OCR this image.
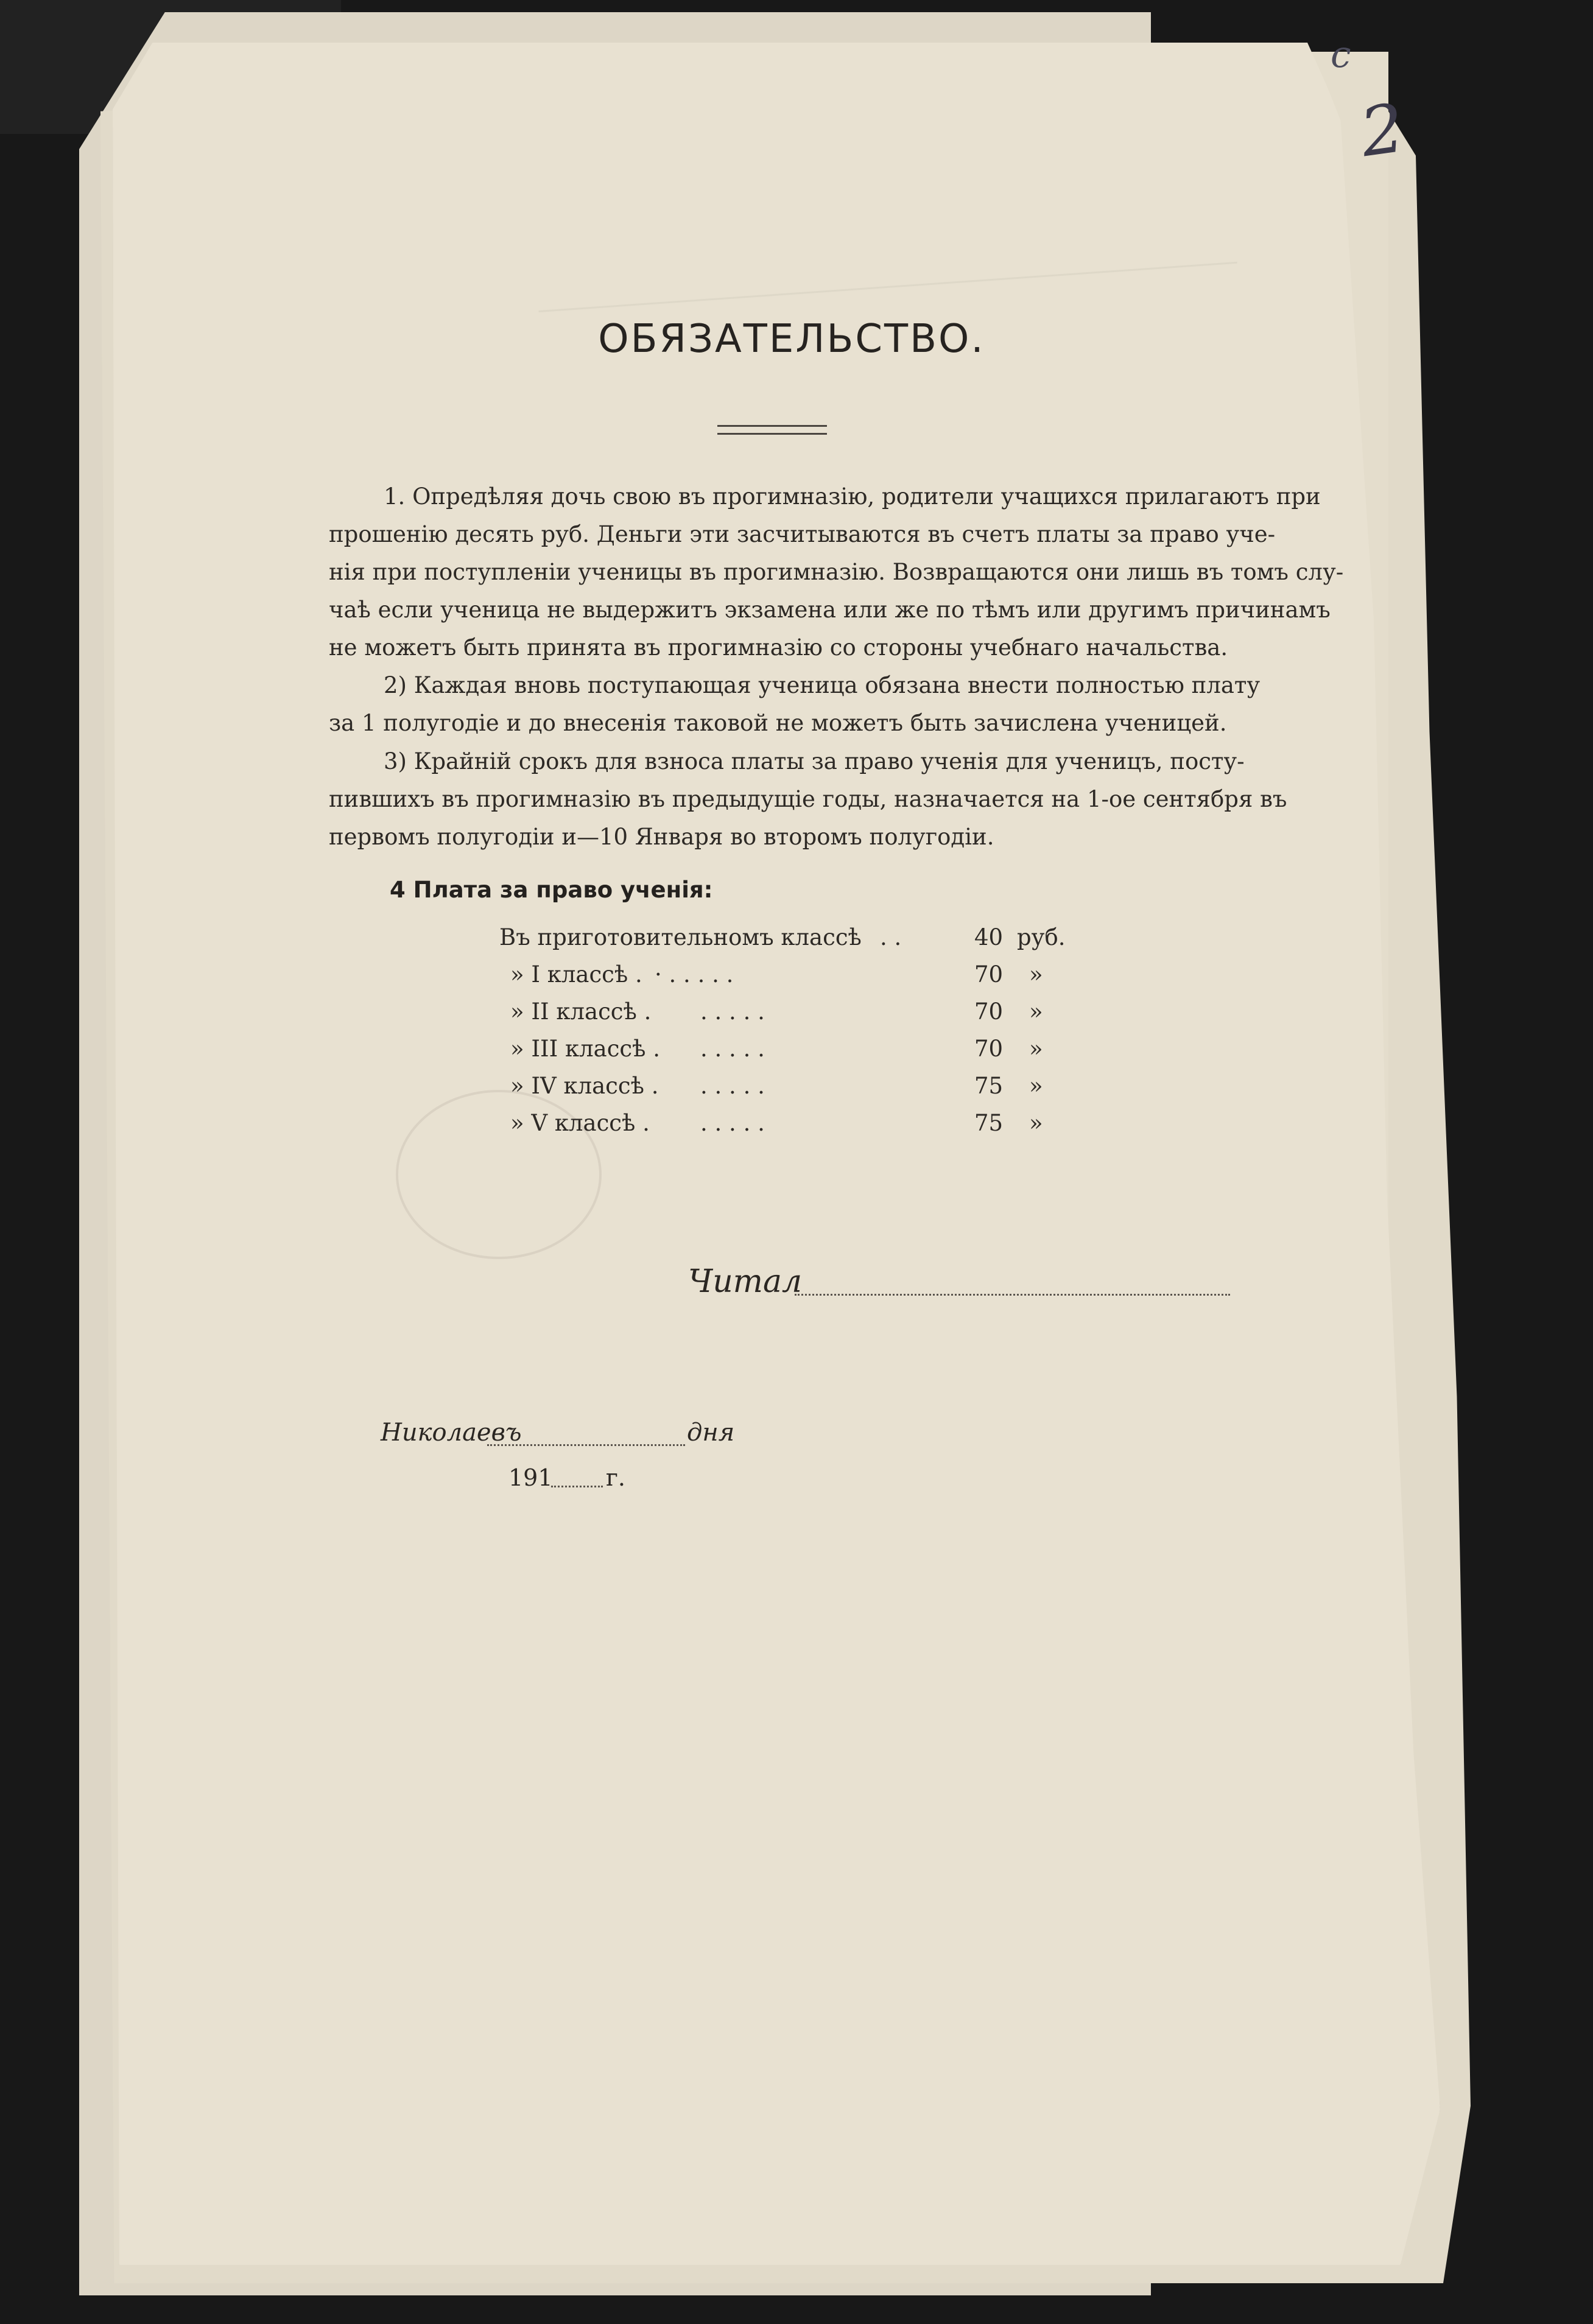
с
2
ОБЯЗАТЕЛЬСТВО.
1. Опредѣляя дочь свою въ прогимназію, родители учащихся прилагаютъ при
прошенію десять руб. Деньги эти засчитываются въ счетъ платы за право уче-
нія при поступленіи ученицы въ прогимназію. Возвращаются они лишь въ томъ слу-
чаѣ если ученица не выдержитъ экзамена или же по тѣмъ или другимъ причинамъ
не можетъ быть принята въ прогимназію со стороны учебнаго начальства.
2) Каждая вновь поступающая ученица обязана внести полностью плату
за 1 полугодіе и до внесенія таковой не можетъ быть зачислена ученицей.
3) Крайній срокъ для взноса платы за право ученія для ученицъ, посту-
пившихъ въ прогимназію въ предыдущіе годы, назначается на 1-ое сентября въ
первомъ полугодіи и—10 Января во второмъ полугодіи.
4 Плата за право ученія:
Въ приготовительномъ классѣ . .	40 руб.
» I классѣ . · . . . . .	70 »
» II классѣ . . . . . .	70 »
» III классѣ . . . . . .	70 »
» IV классѣ . . . . . .	75 »
» V классѣ . . . . . .	75 »
Читал
Николаевъ	дня
191 г.
